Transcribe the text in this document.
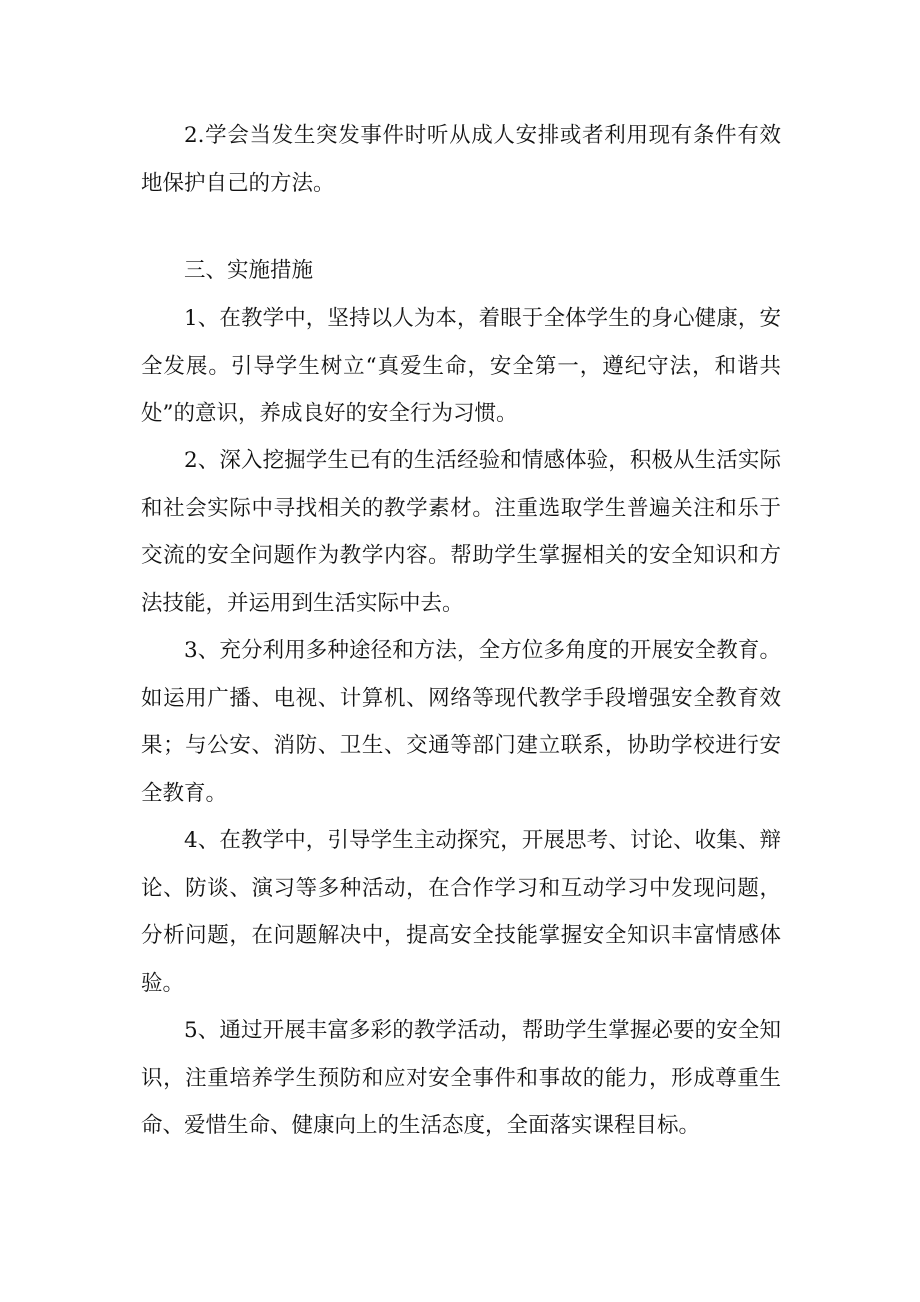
2.学会当发生突发事件时听从成人安排或者利用现有条件有效地保护自己的方法。

三、实施措施

1、在教学中，坚持以人为本，着眼于全体学生的身心健康，安全发展。引导学生树立“真爱生命，安全第一，遵纪守法，和谐共处”的意识，养成良好的安全行为习惯。

2、深入挖掘学生已有的生活经验和情感体验，积极从生活实际和社会实际中寻找相关的教学素材。注重选取学生普遍关注和乐于交流的安全问题作为教学内容。帮助学生掌握相关的安全知识和方法技能，并运用到生活实际中去。

3、充分利用多种途径和方法，全方位多角度的开展安全教育。如运用广播、电视、计算机、网络等现代教学手段增强安全教育效果；与公安、消防、卫生、交通等部门建立联系，协助学校进行安全教育。

4、在教学中，引导学生主动探究，开展思考、讨论、收集、辩论、防谈、演习等多种活动，在合作学习和互动学习中发现问题，分析问题，在问题解决中，提高安全技能掌握安全知识丰富情感体验。

5、通过开展丰富多彩的教学活动，帮助学生掌握必要的安全知识，注重培养学生预防和应对安全事件和事故的能力，形成尊重生命、爱惜生命、健康向上的生活态度，全面落实课程目标。
